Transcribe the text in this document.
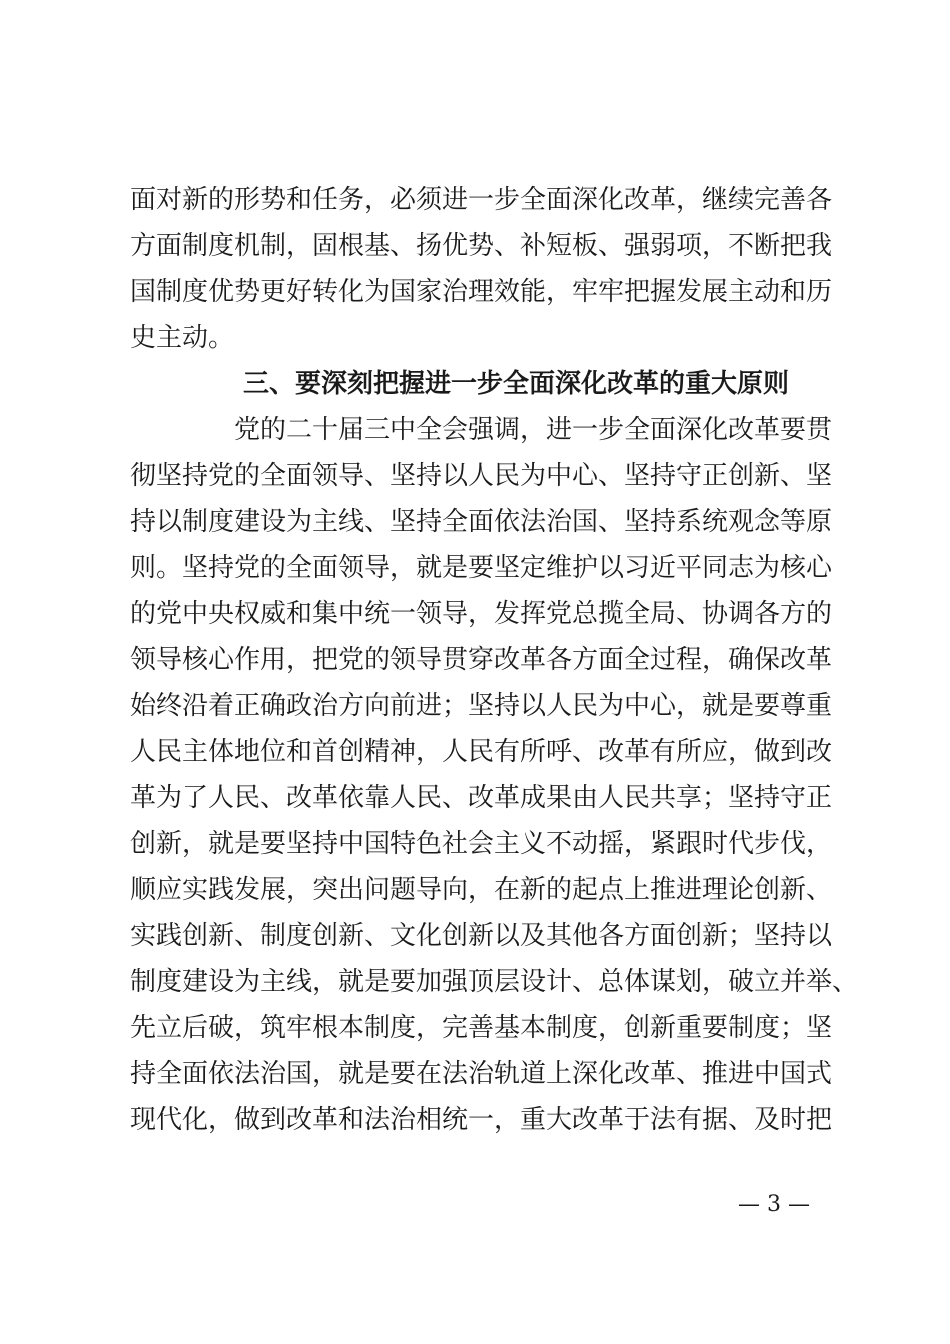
面对新的形势和任务，必须进一步全面深化改革，继续完善各
方面制度机制，固根基、扬优势、补短板、强弱项，不断把我
国制度优势更好转化为国家治理效能，牢牢把握发展主动和历
史主动。
三、要深刻把握进一步全面深化改革的重大原则
党的二十届三中全会强调，进一步全面深化改革要贯
彻坚持党的全面领导、坚持以人民为中心、坚持守正创新、坚
持以制度建设为主线、坚持全面依法治国、坚持系统观念等原
则。坚持党的全面领导，就是要坚定维护以习近平同志为核心
的党中央权威和集中统一领导，发挥党总揽全局、协调各方的
领导核心作用，把党的领导贯穿改革各方面全过程，确保改革
始终沿着正确政治方向前进；坚持以人民为中心，就是要尊重
人民主体地位和首创精神，人民有所呼、改革有所应，做到改
革为了人民、改革依靠人民、改革成果由人民共享；坚持守正
创新，就是要坚持中国特色社会主义不动摇，紧跟时代步伐，
顺应实践发展，突出问题导向，在新的起点上推进理论创新、
实践创新、制度创新、文化创新以及其他各方面创新；坚持以
制度建设为主线，就是要加强顶层设计、总体谋划，破立并举、
先立后破，筑牢根本制度，完善基本制度，创新重要制度；坚
持全面依法治国，就是要在法治轨道上深化改革、推进中国式
现代化，做到改革和法治相统一，重大改革于法有据、及时把
— 3 —
